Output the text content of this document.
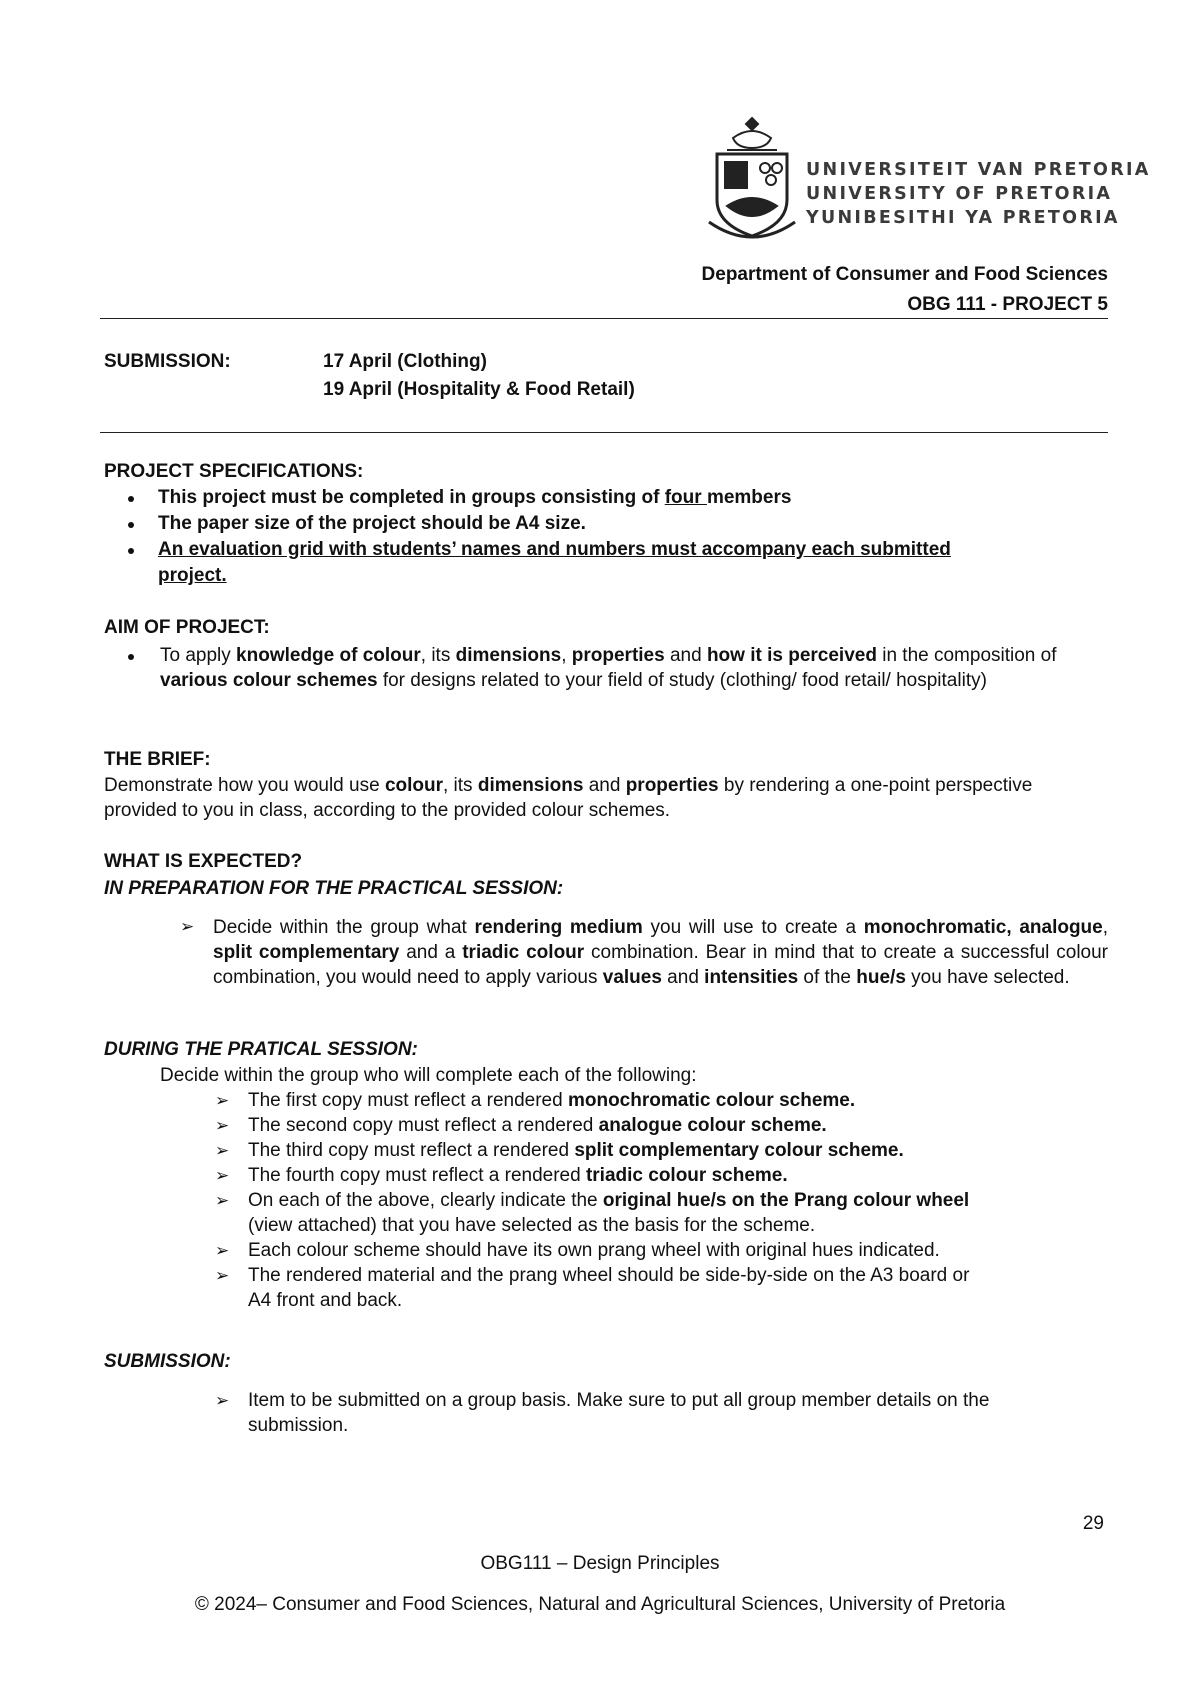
UNIVERSITEIT VAN PRETORIA
UNIVERSITY OF PRETORIA
YUNIBESITHI YA PRETORIA
Department of Consumer and Food Sciences
OBG 111 - PROJECT 5
SUBMISSION:	17 April (Clothing)
19 April (Hospitality & Food Retail)
PROJECT SPECIFICATIONS:
This project must be completed in groups consisting of four members
The paper size of the project should be A4 size.
An evaluation grid with students’ names and numbers must accompany each submitted
project.
AIM OF PROJECT:
To apply knowledge of colour, its dimensions, properties and how it is perceived in the composition of various colour schemes for designs related to your field of study (clothing/ food retail/ hospitality)
THE BRIEF:
Demonstrate how you would use colour, its dimensions and properties by rendering a one-point perspective provided to you in class, according to the provided colour schemes.
WHAT IS EXPECTED?
IN PREPARATION FOR THE PRACTICAL SESSION:
➢ Decide within the group what rendering medium you will use to create a monochromatic, analogue, split complementary and a triadic colour combination. Bear in mind that to create a successful colour combination, you would need to apply various values and intensities of the hue/s you have selected.
DURING THE PRATICAL SESSION:
Decide within the group who will complete each of the following:
➢ The first copy must reflect a rendered monochromatic colour scheme.
➢ The second copy must reflect a rendered analogue colour scheme.
➢ The third copy must reflect a rendered split complementary colour scheme.
➢ The fourth copy must reflect a rendered triadic colour scheme.
➢ On each of the above, clearly indicate the original hue/s on the Prang colour wheel
(view attached) that you have selected as the basis for the scheme.
➢ Each colour scheme should have its own prang wheel with original hues indicated.
➢ The rendered material and the prang wheel should be side-by-side on the A3 board or
A4 front and back.
SUBMISSION:
➢ Item to be submitted on a group basis. Make sure to put all group member details on the
submission.
29
OBG111 – Design Principles
© 2024– Consumer and Food Sciences, Natural and Agricultural Sciences, University of Pretoria
